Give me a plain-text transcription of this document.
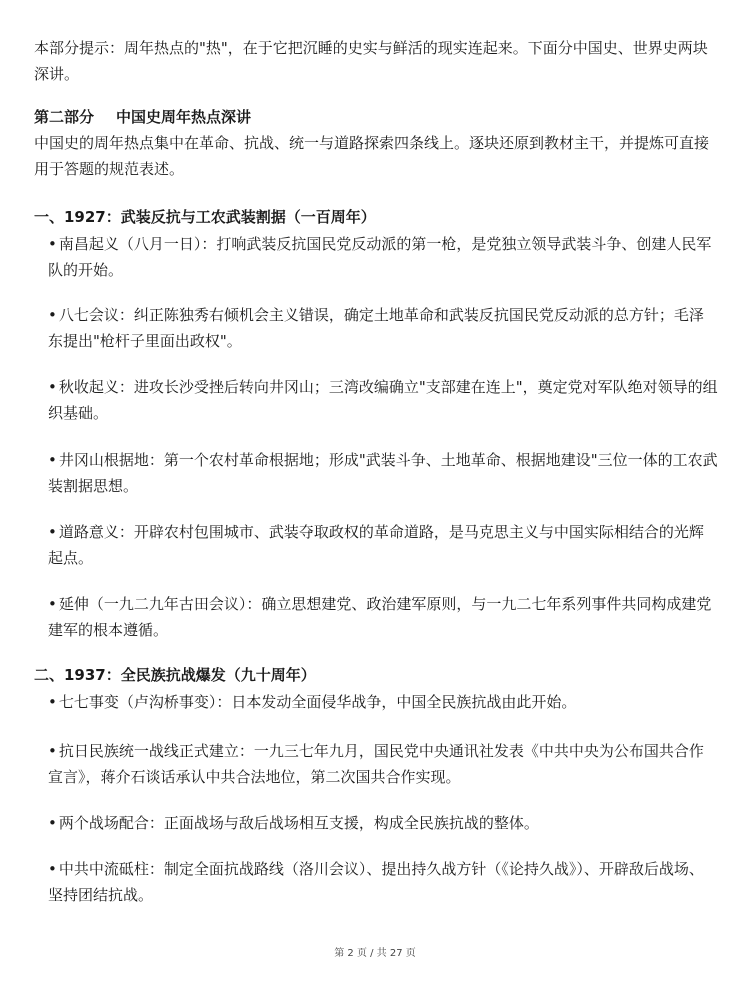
本部分提示：周年热点的"热"，在于它把沉睡的史实与鲜活的现实连起来。下面分中国史、世界史两块深讲。

第二部分 中国史周年热点深讲

中国史的周年热点集中在革命、抗战、统一与道路探索四条线上。逐块还原到教材主干，并提炼可直接用于答题的规范表述。

一、1927：武装反抗与工农武装割据（一百周年）

• 南昌起义（八月一日）：打响武装反抗国民党反动派的第一枪，是党独立领导武装斗争、创建人民军队的开始。

• 八七会议：纠正陈独秀右倾机会主义错误，确定土地革命和武装反抗国民党反动派的总方针；毛泽东提出"枪杆子里面出政权"。

• 秋收起义：进攻长沙受挫后转向井冈山；三湾改编确立"支部建在连上"，奠定党对军队绝对领导的组织基础。

• 井冈山根据地：第一个农村革命根据地；形成"武装斗争、土地革命、根据地建设"三位一体的工农武装割据思想。

• 道路意义：开辟农村包围城市、武装夺取政权的革命道路，是马克思主义与中国实际相结合的光辉起点。

• 延伸（一九二九年古田会议）：确立思想建党、政治建军原则，与一九二七年系列事件共同构成建党建军的根本遵循。

二、1937：全民族抗战爆发（九十周年）

• 七七事变（卢沟桥事变）：日本发动全面侵华战争，中国全民族抗战由此开始。

• 抗日民族统一战线正式建立：一九三七年九月，国民党中央通讯社发表《中共中央为公布国共合作宣言》，蒋介石谈话承认中共合法地位，第二次国共合作实现。

• 两个战场配合：正面战场与敌后战场相互支援，构成全民族抗战的整体。

• 中共中流砥柱：制定全面抗战路线（洛川会议）、提出持久战方针（《论持久战》）、开辟敌后战场、坚持团结抗战。

第 2 页 / 共 27 页
